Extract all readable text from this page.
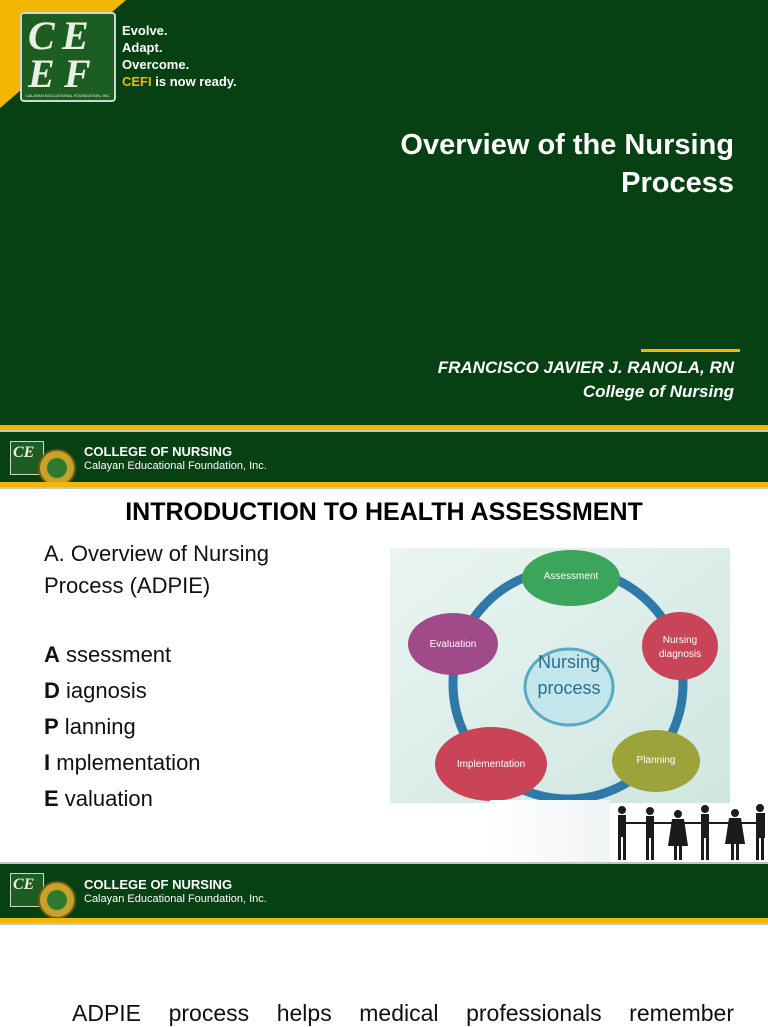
C E
E F
CALAYAN EDUCATIONAL FOUNDATION, INC.
Evolve.
Adapt.
Overcome.
CEFI is now ready.
Overview of the Nursing
Process
FRANCISCO JAVIER J. RANOLA, RN
College of Nursing
CE	COLLEGE OF NURSING
Calayan Educational Foundation, Inc.
INTRODUCTION TO HEALTH ASSESSMENT
A. Overview of Nursing
Process (ADPIE)
A ssessment
D iagnosis
P lanning
I mplementation
E valuation
Nursing
process
Assessment
Nursing
diagnosis
Planning
Implementation
Evaluation
CE	COLLEGE OF NURSING
Calayan Educational Foundation, Inc.
ADPIE process helps medical professionals remember
